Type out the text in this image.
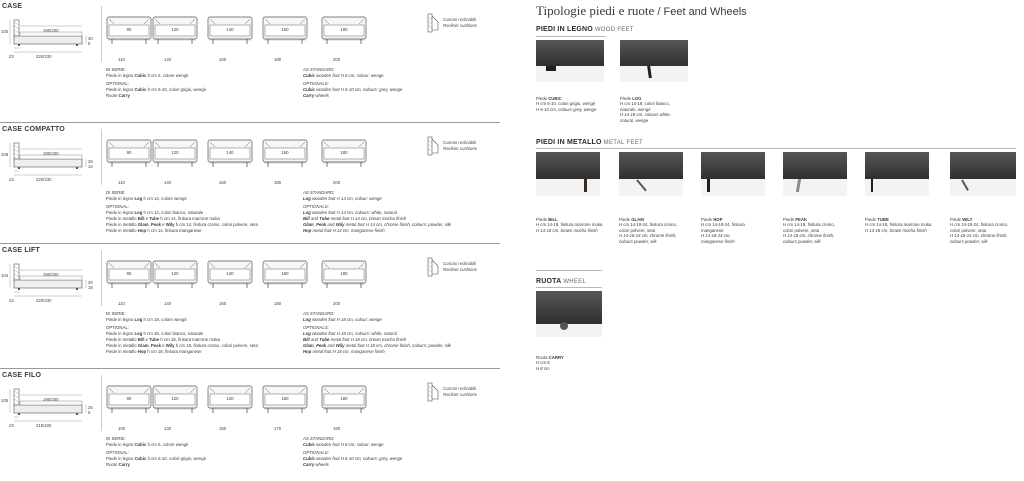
CASE
105	190/200
30
6
23	220/230
90
110
120
140
140
160
160
180
180
200
Cuscini reclinabili
Recliner cushions
DI SERIE:
Piede in legno Cubic h cm 6, colore wengè

OPTIONAL:
Piede in legno Cubic h cm 6-10, colori grigio, wengè
Ruote Carry
AS STANDARD:
Cubic wooden foot H 6 cm, colour: wenge

OPTIONALS:
Cubic wooden foot H 6-10 cm, colours: grey, wenge
Carry wheels
CASE COMPATTO
108	190/200
25
14
23	220/230
90
110
120
140
140
160
160
180
180
200
Cuscini reclinabili
Recliner cushions
DI SERIE:
Piede in legno Log h cm 14, colore wengè

OPTIONAL:
Piede in legno Log h cm 14, colori bianco, naturale
Piede in metallo Bill e Tube h cm 14, finitura marrone moka
Piede in metallo Glam, Peak e Wily h cm 14, finitura cromo, colori polvere, seta
Piede in metallo Hop h cm 14, finitura manganese
AS STANDARD:
Log wooden foot H 14 cm, colour: wenge

OPTIONALS:
Log wooden foot H 14 cm, colours: white, natural
Bill and Tube metal foot H 14 cm, brown mocha finish
Glam, Peak and Wily metal foot H 14 cm, chrome finish, colours: powder, silk
Hop metal foot H 14 cm, manganese finish
CASE LIFT
104	190/200
20
18
23	220/230
90
110
120
140
140
160
160
180
180
200
Cuscini reclinabili
Recliner cushions
DI SERIE:
Piede in legno Log h cm 18, colore wengè

OPTIONAL:
Piede in legno Log h cm 18, colori bianco, naturale
Piede in metallo Bill e Tube h cm 18, finitura marrone moka
Piede in metallo Glam, Peak e Wily h cm 18, finitura cromo, colori polvere, seta
Piede in metallo Hop h cm 18, finitura manganese
AS STANDARD:
Log wooden foot H 18 cm, colour: wenge

OPTIONALS:
Log wooden foot H 18 cm, colours: white, natural
Bill and Tube metal foot H 18 cm, brown mocha finish
Glam, Peak and Wily metal foot H 18 cm, chrome finish, colours: powder, silk
Hop metal foot H 18 cm, manganese finish
CASE FILO
105	190/200
25
6
23	215/225
90
100
120
130
140
150
160
170
180
190
Cuscini reclinabili
Recliner cushions
DI SERIE:
Piede in legno Cubic h cm 6, colore wengè

OPTIONAL:
Piede in legno Cubic h cm 6-10, colori grigio, wengè
Ruote Carry
AS STANDARD:
Cubic wooden foot H 6 cm, colour: wenge

OPTIONALS:
Cubic wooden foot H 6-10 cm, colours: grey, wenge
Carry wheels
Tipologie piedi e ruote / Feet and Wheels
PIEDI IN LEGNO WOOD FEET
PIEDI IN METALLO METAL FEET
RUOTA WHEEL
Piede CUBIC
H cm 6-10, colori grigio, wengè
H 6-10 cm, colours grey, wenge
Piede LOG
H cm 14-18, colori bianco,
naturale, wengè
H 14-18 cm, colours white,
natural, wenge
Piede BILL
H cm 14-18, finitura marrone moka
H 14-18 cm, brown mocha finish
Piede GLAM
H cm 14-18-24, finitura cromo,
colori polvere, seta
H 14-18-24 cm, chrome finish,
colours powder, silk
Piede HOP
H cm 14-18-24, finitura
manganese
H 14-18-24 cm,
manganese finish
Piede PEAK
H cm 14-18, finitura cromo,
colori polvere, seta
H 14-18 cm, chrome finish,
colours powder, silk
Piede TUBE
H cm 14-18, finitura marrone moka
H 14-18 cm, brown mocha finish
Piede WILY
H cm 14-18-24, finitura cromo,
colori polvere, seta
H 14-18-24 cm, chrome finish,
colours powder, silk
Ruota CARRY
H cm 8
H 8 cm
